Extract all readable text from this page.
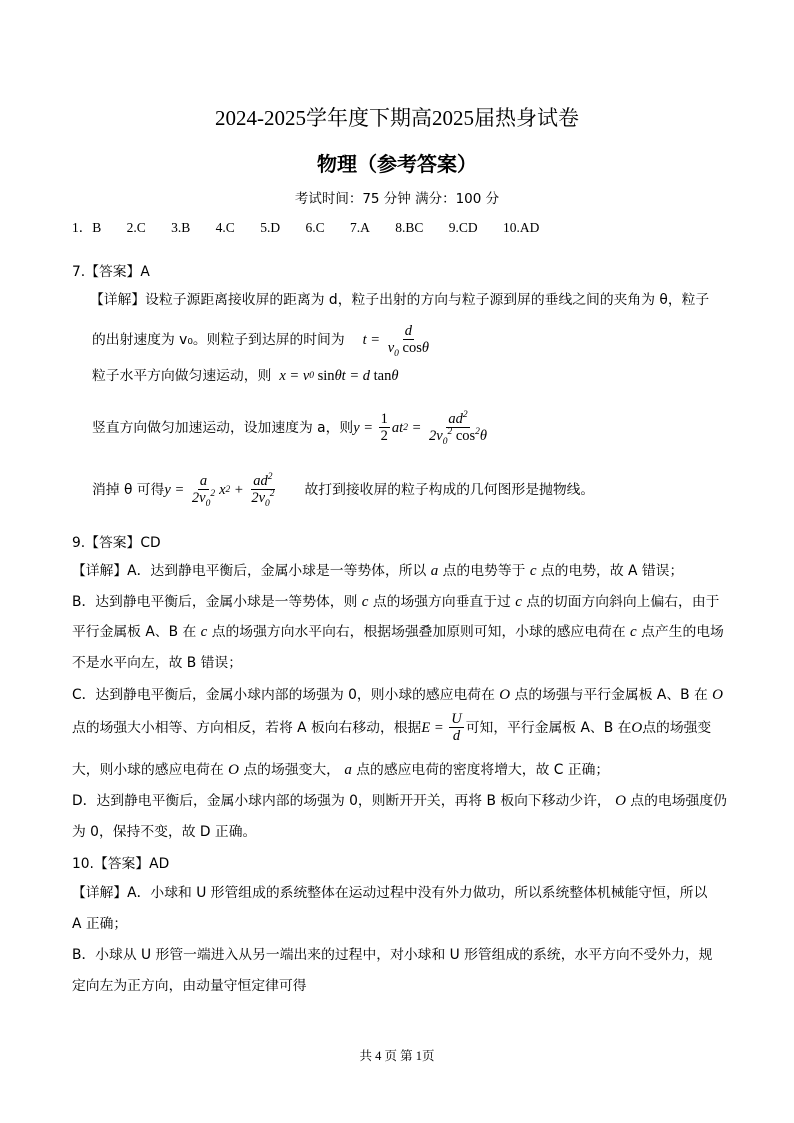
2024-2025学年度下期高2025届热身试卷
物理（参考答案）
考试时间：75 分钟 满分：100 分
1．B 2.C 3.B 4.C 5.D 6.C 7.A 8.BC 9.CD 10.AD
7.【答案】A
【详解】设粒子源距离接收屏的距离为 d，粒子出射的方向与粒子源到屏的垂线之间的夹角为 θ，粒子
的出射速度为 v₀。则粒子到达屏的时间为 $t = \frac{d}{v_0 \cos\theta}$
粒子水平方向做匀速运动，则 x = v 0
sin θt = d tan θ
竖直方向做匀加速运动，设加速度为 a，则 $y = \frac{1}{2}$ at $2 = \frac{ad^2}{2v_0^2 \cos^2\theta}$
消掉 θ 可得 $y = \frac{a}{2v_0^2}$ x $2 + \frac{ad^2}{2v_0^2}$ 故打到接收屏的粒子构成的几何图形是抛物线。
9.【答案】CD
【详解】A．达到静电平衡后，金属小球是一等势体，所以 a 点的电势等于 c 点的电势，故 A 错误；
B．达到静电平衡后，金属小球是一等势体，则 c 点的场强方向垂直于过 c 点的切面方向斜向上偏右，由于
平行金属板 A、B 在 c 点的场强方向水平向右，根据场强叠加原则可知，小球的感应电荷在 c 点产生的电场
不是水平向左，故 B 错误；
C．达到静电平衡后，金属小球内部的场强为 0，则小球的感应电荷在 O 点的场强与平行金属板 A、B 在 O
点的场强大小相等、方向相反，若将 A 板向右移动，根据 $E = \frac{U}{d}$ 可知，平行金属板 A、B 在 O 点的场强变
大，则小球的感应电荷在 O 点的场强变大， a 点的感应电荷的密度将增大，故 C 正确；
D．达到静电平衡后，金属小球内部的场强为 0，则断开开关，再将 B 板向下移动少许， O 点的电场强度仍
为 0，保持不变，故 D 正确。
10.【答案】AD
【详解】A．小球和 U 形管组成的系统整体在运动过程中没有外力做功，所以系统整体机械能守恒，所以
A 正确；
B．小球从 U 形管一端进入从另一端出来的过程中，对小球和 U 形管组成的系统，水平方向不受外力，规
定向左为正方向，由动量守恒定律可得
共 4 页 第 1页
